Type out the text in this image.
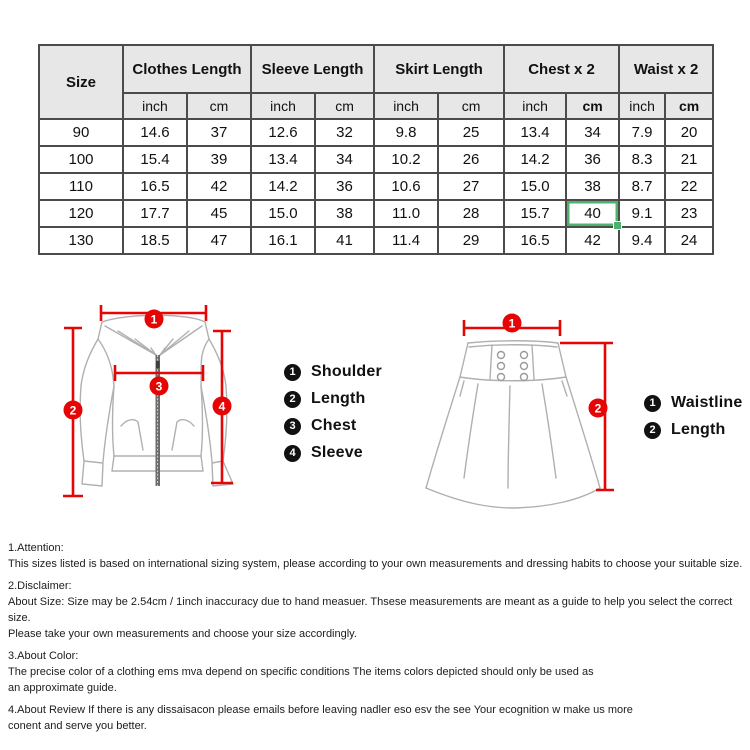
Size	Clothes Length		Sleeve Length		Skirt Length		Chest x 2		Waist x 2	
	inch	cm	inch	cm	inch	cm	inch	cm	inch	cm
90	14.6	37	12.6	32	9.8	25	13.4	34	7.9	20
100	15.4	39	13.4	34	10.2	26	14.2	36	8.3	21
110	16.5	42	14.2	36	10.6	27	15.0	38	8.7	22
120	17.7	45	15.0	38	11.0	28	15.7	40	9.1	23
130	18.5	47	16.1	41	11.4	29	16.5	42	9.4	24
1
2
3
4
1 Shoulder
2 Length
3 Chest
4 Sleeve
1
2	1 Waistline
2 Length
1.Attention:
This sizes listed is based on international sizing system, please according to your own measurements and dressing habits to choose your suitable size.
2.Disclaimer:
About Size: Size may be 2.54cm / 1inch inaccuracy due to hand measuer. Thsese measurements are meant as a guide to help you select the correct size.
Please take your own measurements and choose your size accordingly.
3.About Color:
The precise color of a clothing ems mva depend on specific conditions The items colors depicted should only be used as
an approximate guide.
4.About Review If there is any dissaisacon please emails before leaving nadler eso esv the see Your ecognition w make us more
conent and serve you better.
